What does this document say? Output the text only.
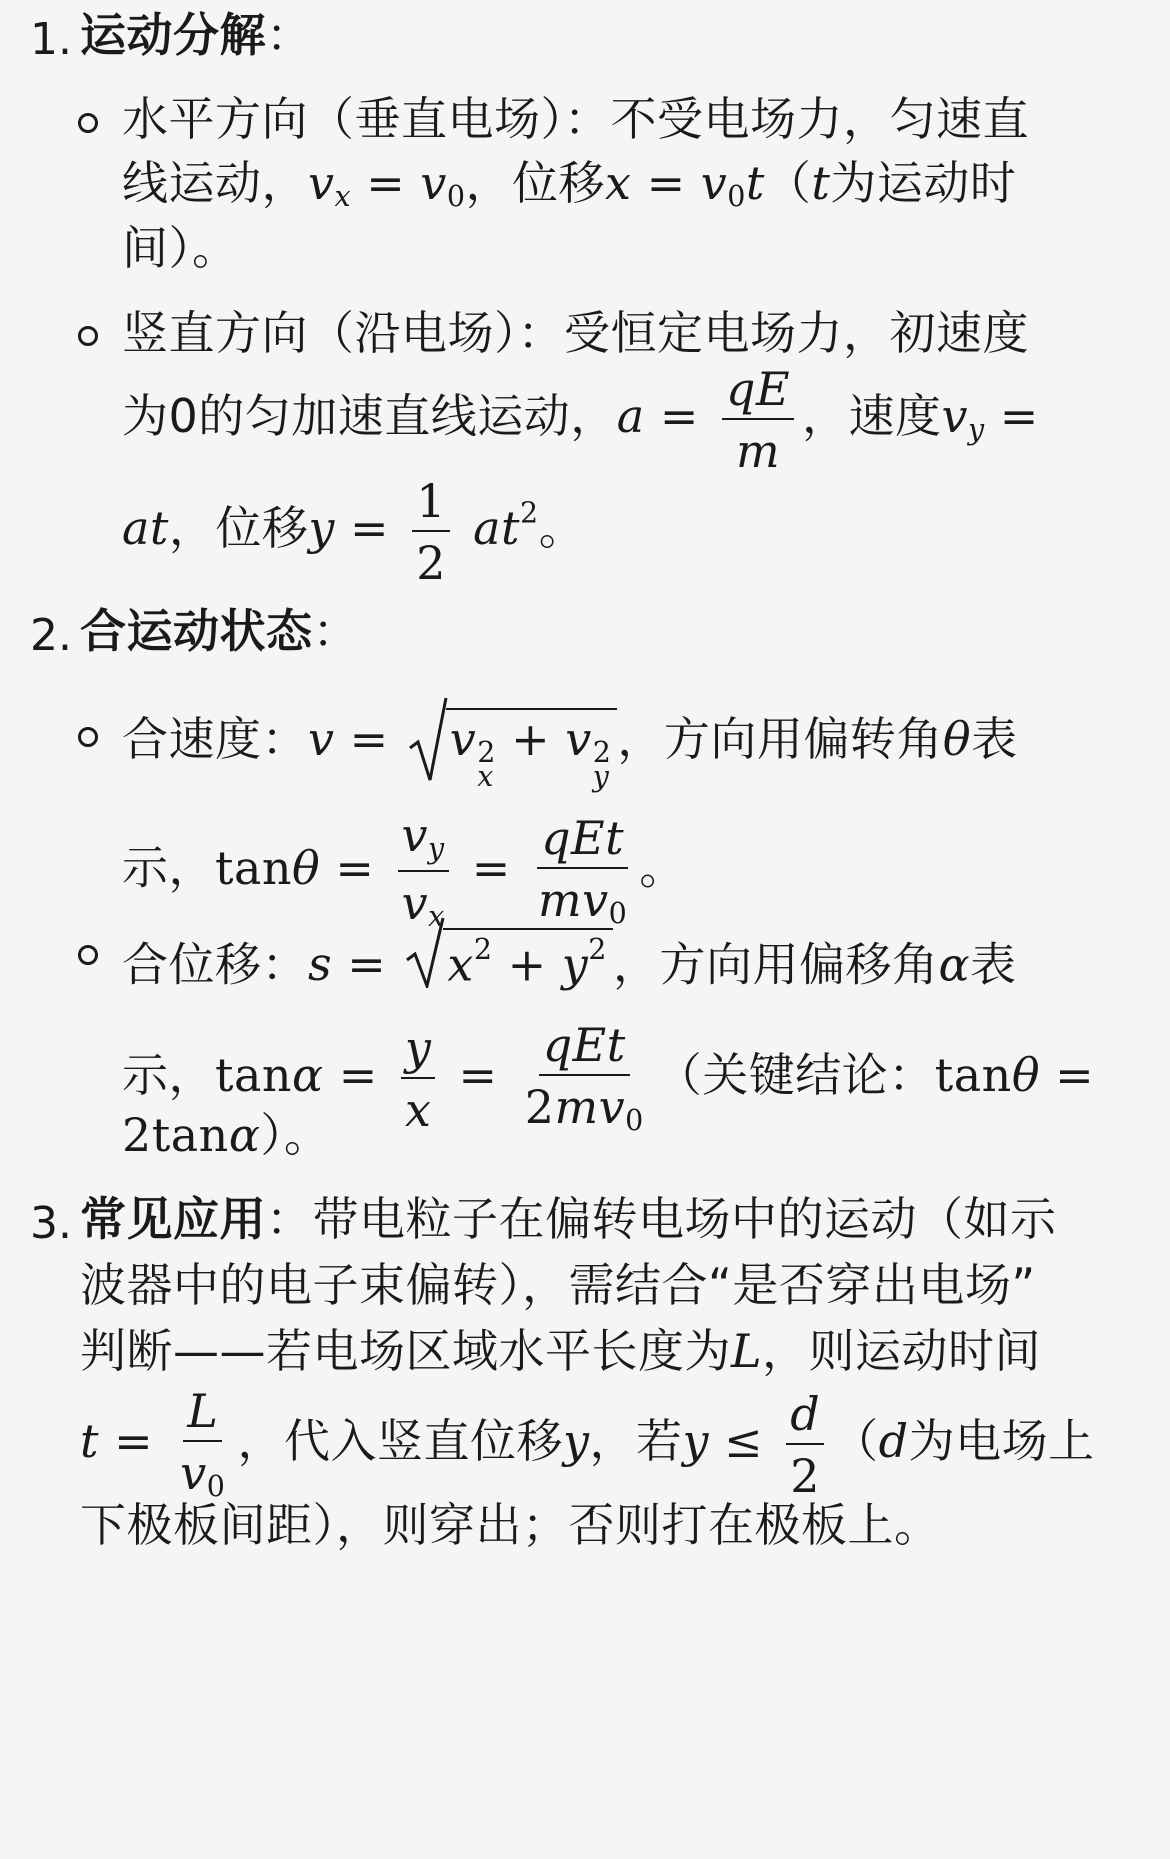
1. 运动分解：
水平方向（垂直电场）：不受电场力，匀速直
线运动，$v_x = v_0$，位移$x = v_0t(t$为运动时
间）。
竖直方向（沿电场）：受恒定电场力，初速度
为0的匀加速直线运动，$a = \frac{qE}{m}$ ，速度$v_y$ =
at，位移$y = \frac{1}{2} at^2$。
2. 合运动状态：
合速度：v = v 2
x
+ v 2
y
，方向用偏转角θ表
示，$\tan\theta = \frac{v_y}{v_x} = \frac{\text{qEt}}{mv_0}$ 。
合位移：$s = x^2 + y^2$ ，方向用偏移角α表
示，$\tan\alpha = \frac{y}{x} = \frac{\text{qEt}}{2mv_0}$ （关键结论：tanθ =
2tanα）。
3. 常见应用：带电粒子在偏转电场中的运动（如示
波器中的电子束偏转），需结合“是否穿出电场”
判断——若电场区域水平长度为L，则运动时间
$t = \frac{L}{v_0}$ ，代入竖直位移y，若$y \le \frac{d}{2} (d$为电场上
下极板间距），则穿出；否则打在极板上。
